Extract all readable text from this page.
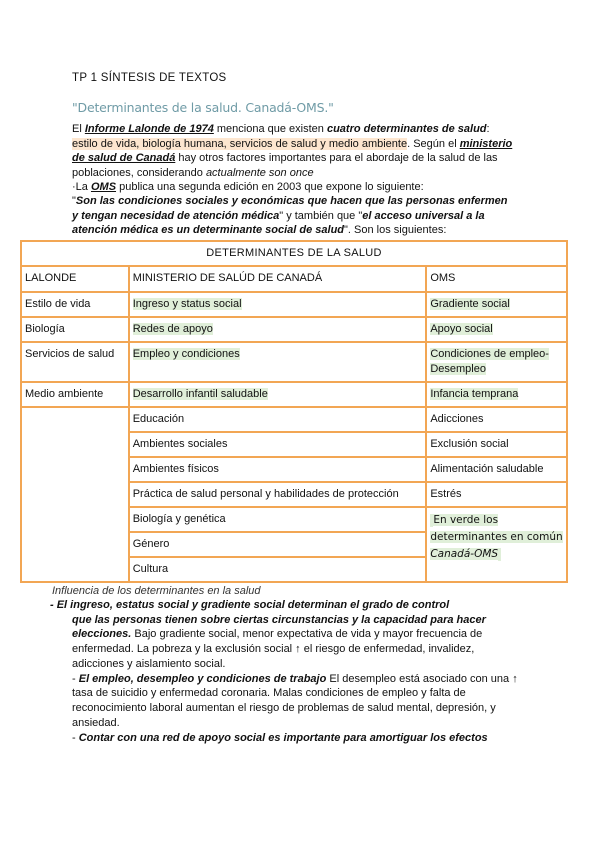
TP 1 SÍNTESIS DE TEXTOS
"Determinantes de la salud. Canadá-OMS."
El Informe Lalonde de 1974 menciona que existen cuatro determinantes de salud:
estilo de vida, biología humana, servicios de salud y medio ambiente. Según el ministerio
de salud de Canadá hay otros factores importantes para el abordaje de la salud de las
poblaciones, considerando actualmente son once
·La OMS publica una segunda edición en 2003 que expone lo siguiente:
"Son las condiciones sociales y económicas que hacen que las personas enfermen
y tengan necesidad de atención médica" y también que "el acceso universal a la
atención médica es un determinante social de salud". Son los siguientes:
DETERMINANTES DE LA SALUD		
LALONDE	MINISTERIO DE SALÚD DE CANADÁ	OMS
Estilo de vida	Ingreso y status social	Gradiente social
Biología	Redes de apoyo	Apoyo social
Servicios de salud	Empleo y condiciones	Condiciones de empleo-Desempleo
Medio ambiente	Desarrollo infantil saludable	Infancia temprana
	Educación	Adicciones
	Ambientes sociales	Exclusión social
	Ambientes físicos	Alimentación saludable
	Práctica de salud personal y habilidades de protección	Estrés
	Biología y genética	En verde los
determinantes en común
Canadá-OMS
	Género	
	Cultura	
Influencia de los determinantes en la salud
- El ingreso, estatus social y gradiente social determinan el grado de control
que las personas tienen sobre ciertas circunstancias y la capacidad para hacer
elecciones. Bajo gradiente social, menor expectativa de vida y mayor frecuencia de
enfermedad. La pobreza y la exclusión social ↑ el riesgo de enfermedad, invalidez,
adicciones y aislamiento social.
- El empleo, desempleo y condiciones de trabajo El desempleo está asociado con una ↑
tasa de suicidio y enfermedad coronaria. Malas condiciones de empleo y falta de
reconocimiento laboral aumentan el riesgo de problemas de salud mental, depresión, y
ansiedad.
- Contar con una red de apoyo social es importante para amortiguar los efectos
